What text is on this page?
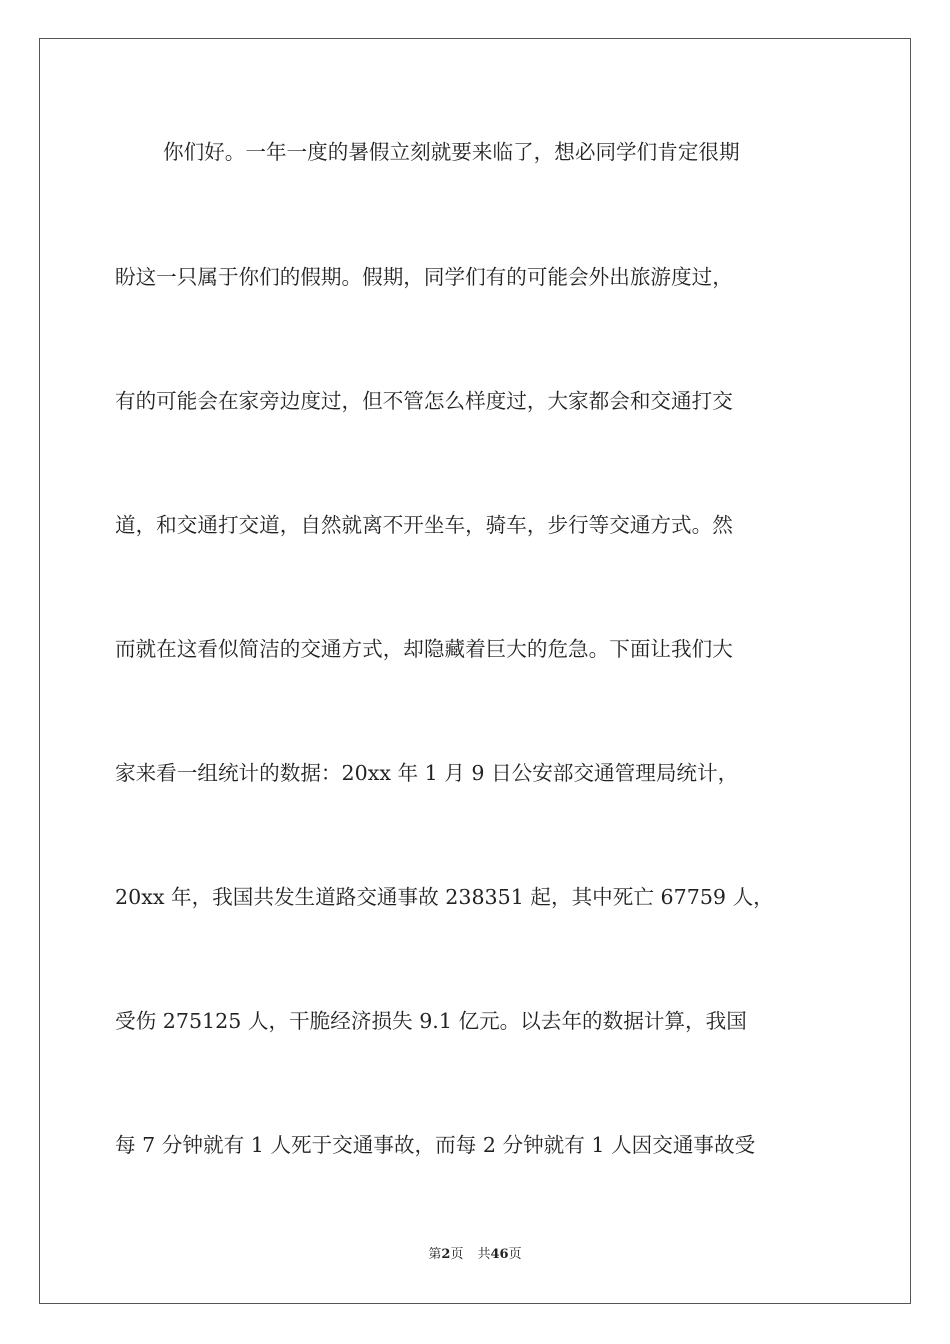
你们好。一年一度的暑假立刻就要来临了，想必同学们肯定很期
盼这一只属于你们的假期。假期，同学们有的可能会外出旅游度过，
有的可能会在家旁边度过，但不管怎么样度过，大家都会和交通打交
道，和交通打交道，自然就离不开坐车，骑车，步行等交通方式。然
而就在这看似简洁的交通方式，却隐藏着巨大的危急。下面让我们大
家来看一组统计的数据：20xx 年 1 月 9 日公安部交通管理局统计，
20xx 年，我国共发生道路交通事故 238351 起，其中死亡 67759 人，
受伤 275125 人，干脆经济损失 9.1 亿元。以去年的数据计算，我国
每 7 分钟就有 1 人死于交通事故，而每 2 分钟就有 1 人因交通事故受
第2页 共46页
